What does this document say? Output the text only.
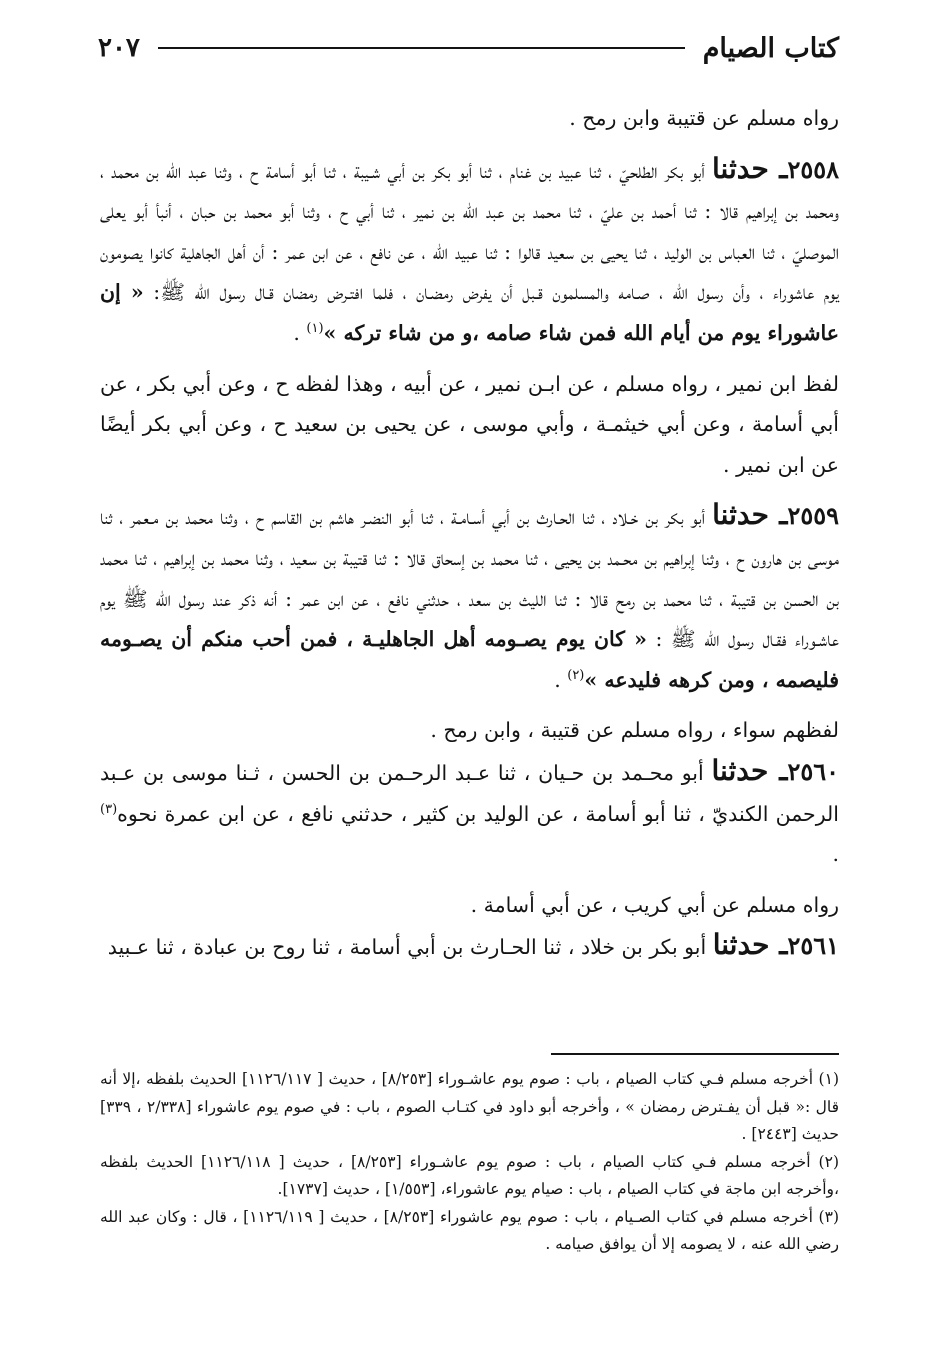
كتاب الصيام
٢٠٧

رواه مسلم عن قتيبة وابن رمح .

٢٥٥٨ـ حدثنا أبو بكر الطلحيّ ، ثنا عبيد بن غنام ، ثنا أبو بكر بن أبي شـيبة ، ثنا أبو أسامة ح ، وثنا عبد الله بن محمد ، ومحمد بن إبراهيم قالا : ثنا أحمد بن عليّ ، ثنا محمد بن عبد الله بن نمير ، ثنا أبي ح ، وثنا أبو محمد بن حبان ، أنبأ أبو يعلى الموصليّ ، ثنا العباس بن الوليد ، ثنا يحيى بن سعيد قالوا : ثنا عبيد الله ، عن نافع ، عن ابن عمر : أن أهل الجاهلية كانوا يصومون يوم عاشوراء ، وأن رسول الله ، صـامه والمسلمون قـبل أن يفرض رمضـان ، فلما افتـرض رمضان قـال رسول الله ﷺ: « إن عاشوراء يوم من أيام الله فمن شاء صامه ،و من شاء تركه »$^{(١)}$ .

لفظ ابن نمير ، رواه مسلم ، عن ابـن نمير ، عن أبيه ، وهذا لفظه ح ، وعن أبي بكر ، عن أبي أسامة ، وعن أبي خيثمـة ، وأبي موسى ، عن يحيى بن سعيد ح ، وعن أبي بكر أيضًا عن ابن نمير .

٢٥٥٩ـ حدثنا أبو بكر بن خـلاد ، ثنا الحـارث بن أبي أسـامـة ، ثنا أبو النضـر هاشم بن القاسم ح ، وثنا محمد بن مـعمر ، ثنا موسى بن هارون ح ، وثنا إبراهيم بن محـمد بن يحيى ، ثنا محمد بن إسحاق قالا : ثنا قتيبة بن سعيد ، وثنا محمد بن إبراهيم ، ثنا محمد بن الحسن بن قتيبة ، ثنا محمد بن رمح قالا : ثنا الليث بن سعد ، حدثني نافع ، عن ابن عمر : أنه ذكر عند رسول الله ﷺ يوم عاشـوراء فقـال رسول الله ﷺ : « كان يوم يصـومه أهل الجاهليـة ، فمن أحب منكم أن يصـومه فليصمه ، ومن كرهه فليدعه »$^{(٢)}$ .

لفظهم سواء ، رواه مسلم عن قتيبة ، وابن رمح .

٢٥٦٠ـ حدثنا أبو محـمد بن حـيان ، ثنا عـبد الرحـمن بن الحسن ، ثـنا موسى بن عـبد الرحمن الكنديّ ، ثنا أبو أسامة ، عن الوليد بن كثير ، حدثني نافع ، عن ابن عمرة نحوه$^{(٣)}$ .

رواه مسلم عن أبي كريب ، عن أبي أسامة .

٢٥٦١ـ حدثنا أبو بكر بن خلاد ، ثنا الحـارث بن أبي أسامة ، ثنا روح بن عبادة ، ثنا عـبيد

(١) أخرجه مسلم فـي كتاب الصيام ، باب : صوم يوم عاشـوراء [٨/٢٥٣] ، حديث [ ١١٢٦/١١٧] الحديث بلفظه ،إلا أنه قال :« قبل أن يفـترض رمضان » ، وأخرجه أبو داود في كتـاب الصوم ، باب : في صوم يوم عاشوراء [٢/٣٣٨ ، ٣٣٩] حديث [٢٤٤٣] .

(٢) أخرجه مسلم فـي كتاب الصيام ، باب : صوم يوم عاشـوراء [٨/٢٥٣] ، حديث [ ١١٢٦/١١٨] الحديث بلفظه ،وأخرجه ابن ماجة في كتاب الصيام ، باب : صيام يوم عاشوراء، [١/٥٥٣] ، حديث [١٧٣٧].

(٣) أخرجه مسلم في كتاب الصـيام ، باب : صوم يوم عاشوراء [٨/٢٥٣] ، حديث [ ١١٢٦/١١٩] ، قال : وكان عبد الله رضي الله عنه ، لا يصومه إلا أن يوافق صيامه .
